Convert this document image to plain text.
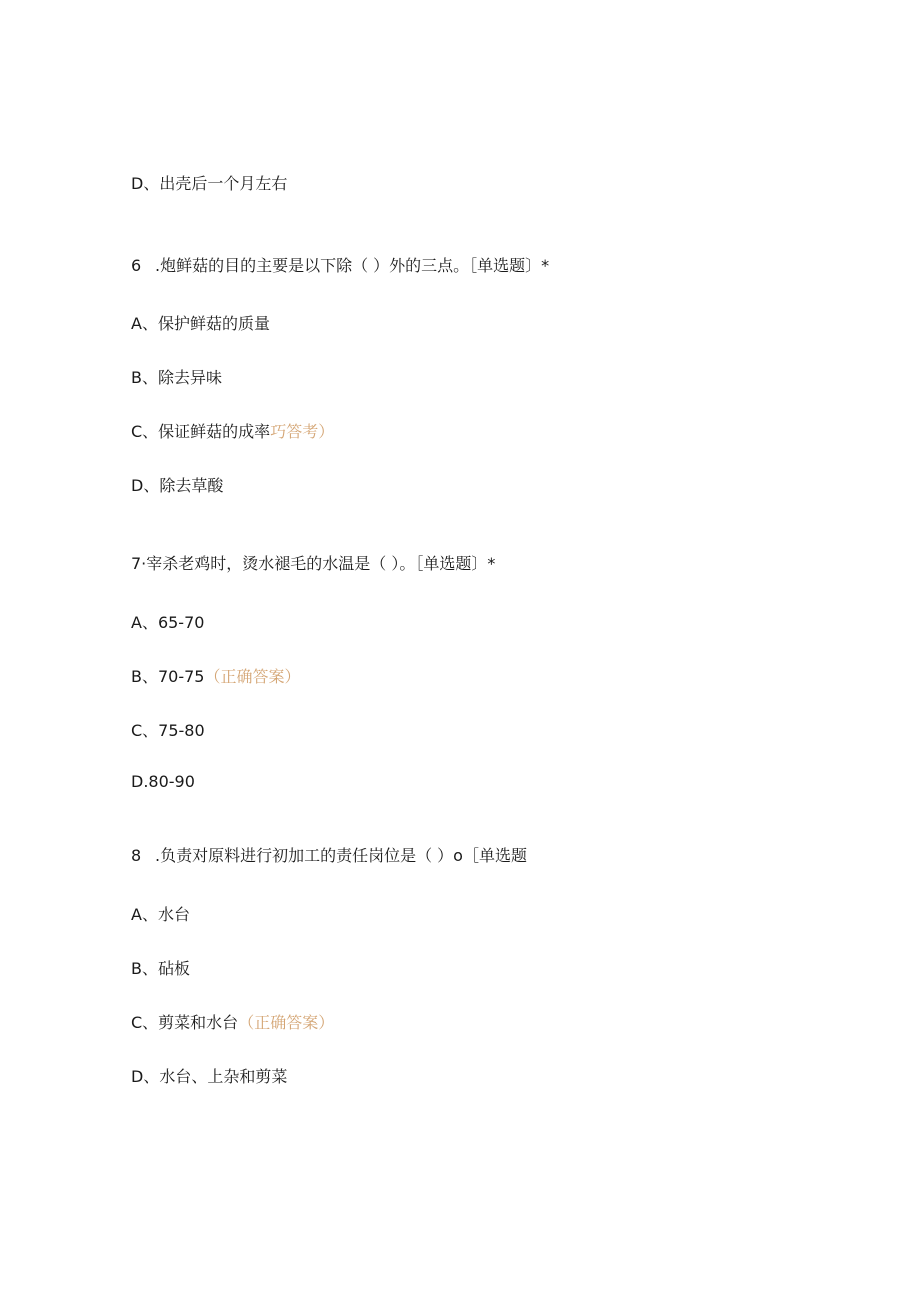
D、出壳后一个月左右
6 .炮鲜菇的目的主要是以下除（ ）外的三点。［单选题〕*
A、保护鲜菇的质量
B、除去异味
C、保证鲜菇的成率巧答考）
D、除去草酸
7·宰杀老鸡时，烫水褪毛的水温是（ ）。［单选题〕*
A、65-70
B、70-75（正确答案）
C、75-80
D.80-90
8 .负责对原料进行初加工的责任岗位是（ ）o［单选题
A、水台
B、砧板
C、剪菜和水台（正确答案）
D、水台、上杂和剪菜
